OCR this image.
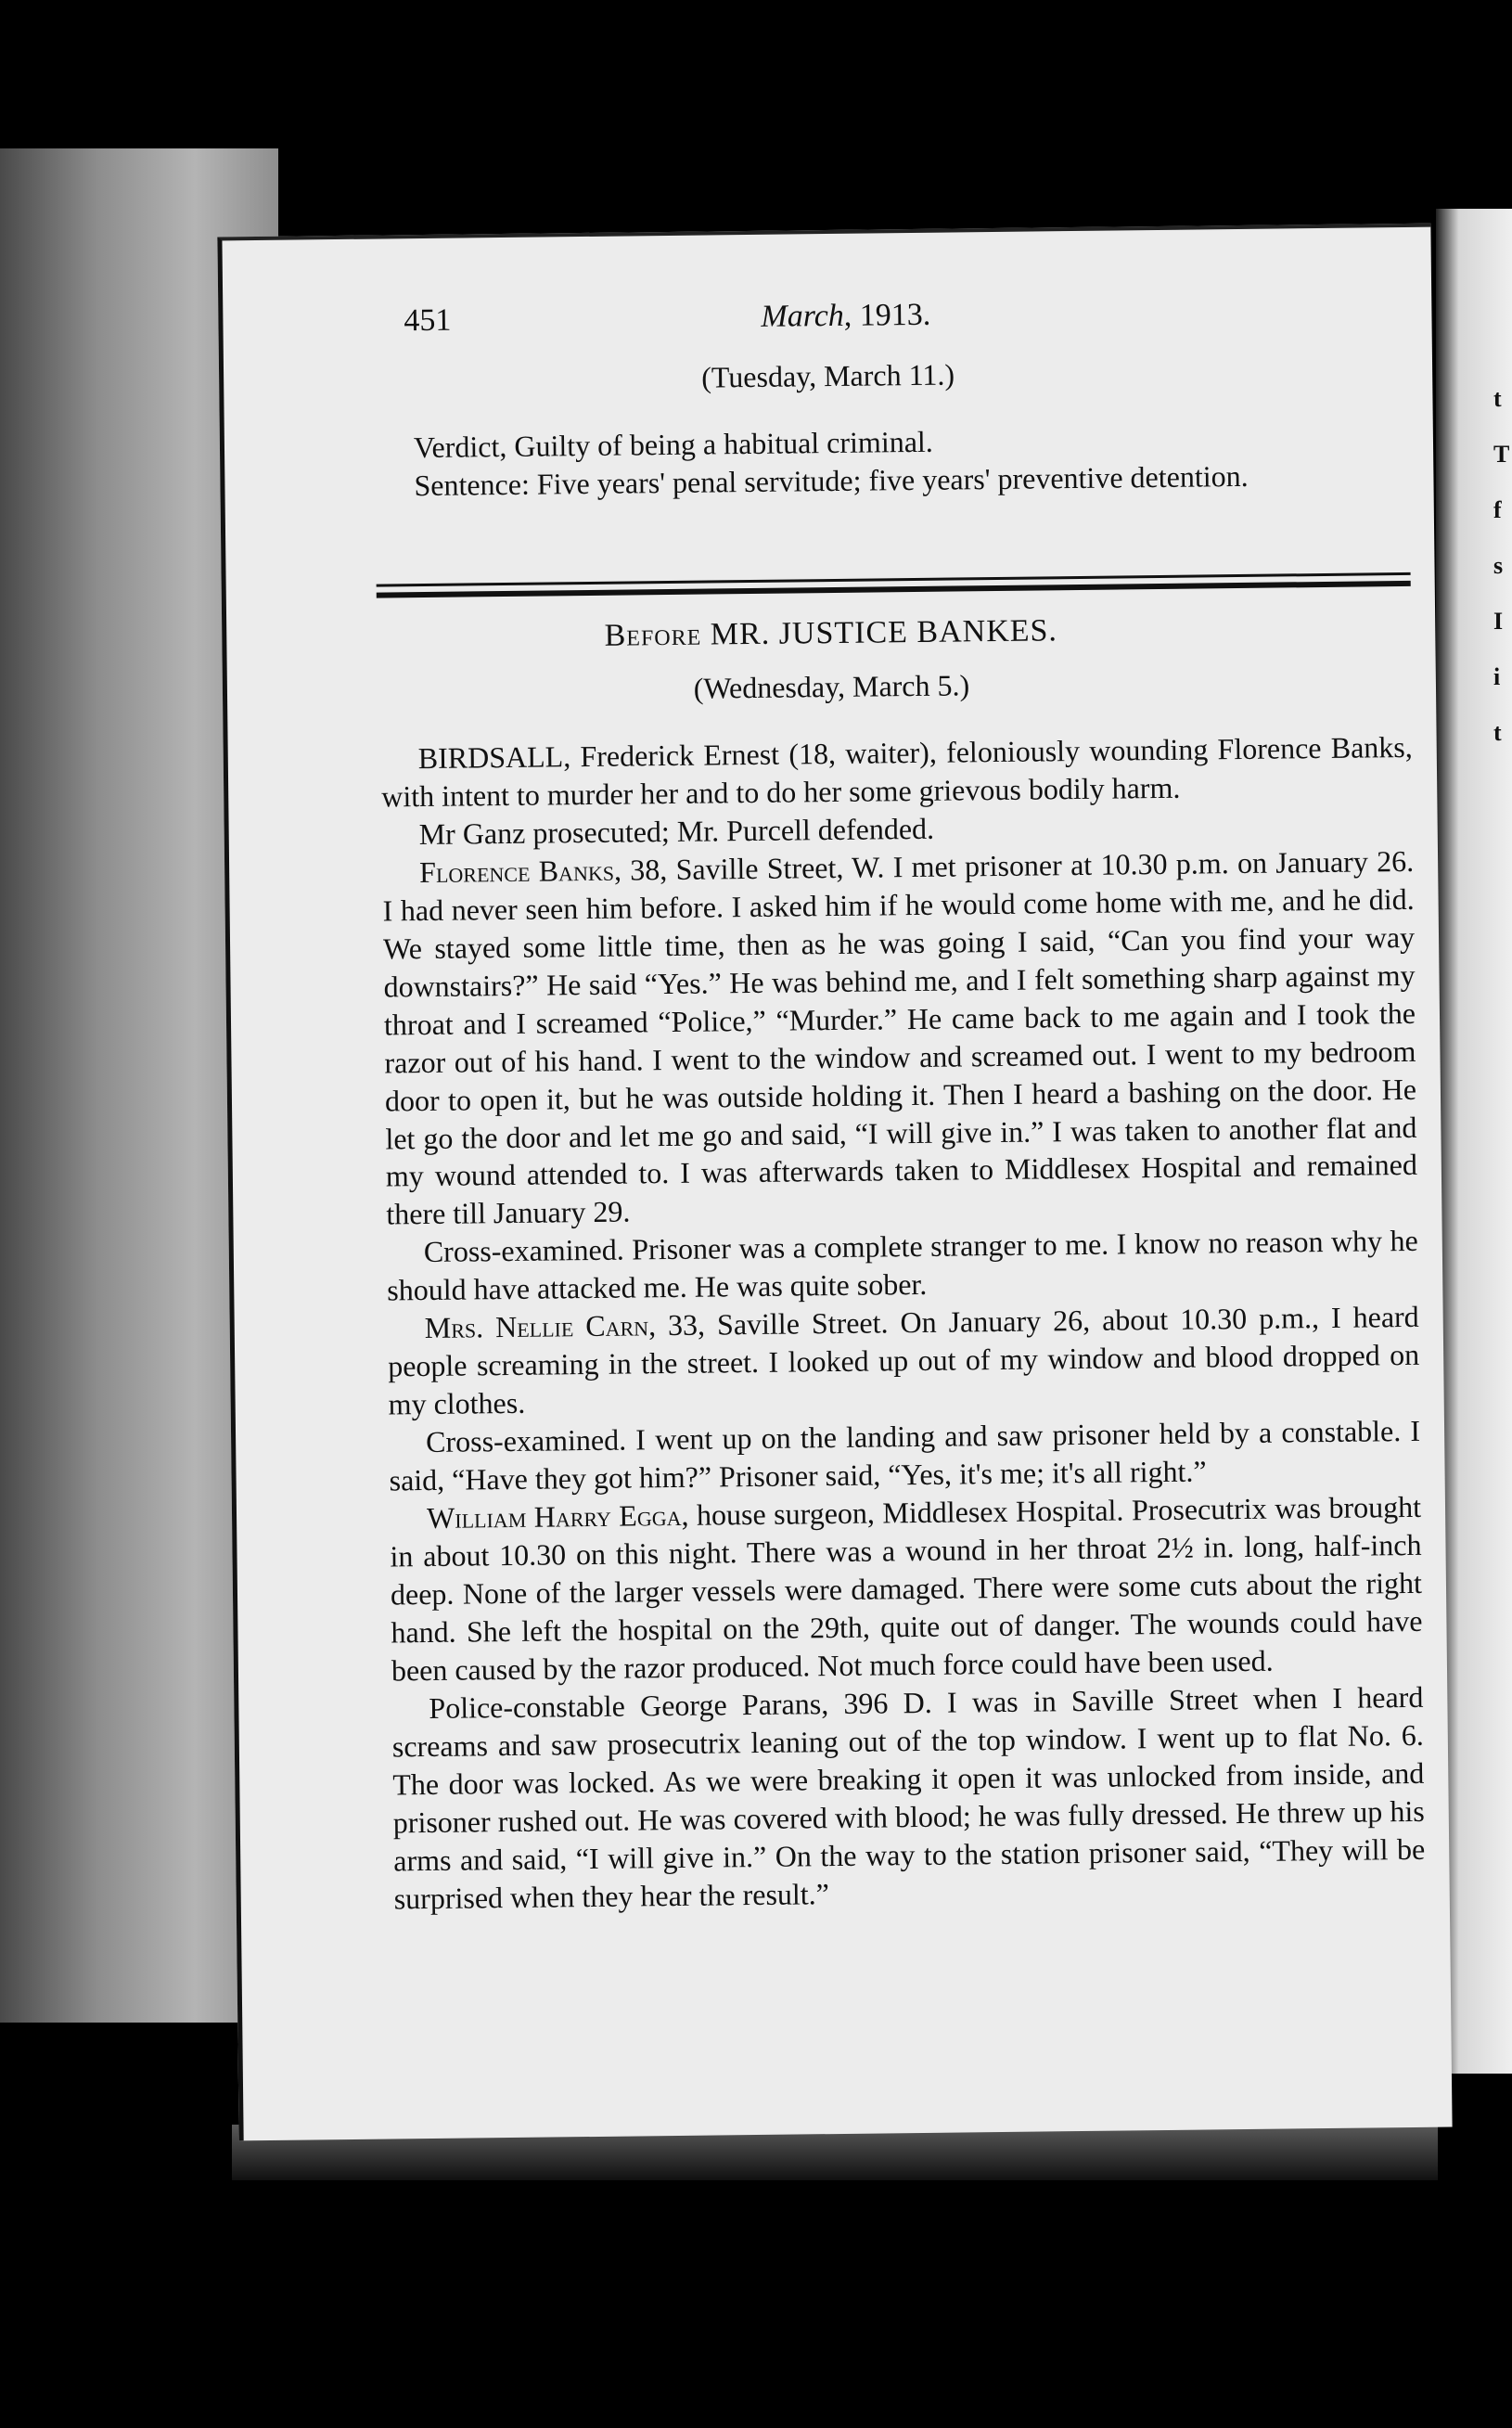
t
T
f
s
I
i
t
451	March, 1913.
(Tuesday, March 11.)

Verdict, Guilty of being a habitual criminal.

Sentence: Five years' penal servitude; five years' preventive detention.

Before MR. JUSTICE BANKES.
(Wednesday, March 5.)

BIRDSALL, Frederick Ernest (18, waiter), feloniously wounding Florence Banks, with intent to murder her and to do her some grievous bodily harm.

Mr Ganz prosecuted; Mr. Purcell defended.

Florence Banks, 38, Saville Street, W. I met prisoner at 10.30 p.m. on January 26. I had never seen him before. I asked him if he would come home with me, and he did. We stayed some little time, then as he was going I said, “Can you find your way downstairs?” He said “Yes.” He was behind me, and I felt something sharp against my throat and I screamed “Police,” “Murder.” He came back to me again and I took the razor out of his hand. I went to the window and screamed out. I went to my bedroom door to open it, but he was outside holding it. Then I heard a bashing on the door. He let go the door and let me go and said, “I will give in.” I was taken to another flat and my wound attended to. I was afterwards taken to Middlesex Hospital and remained there till January 29.

Cross-examined. Prisoner was a complete stranger to me. I know no reason why he should have attacked me. He was quite sober.

Mrs. Nellie Carn, 33, Saville Street. On January 26, about 10.30 p.m., I heard people screaming in the street. I looked up out of my window and blood dropped on my clothes.

Cross-examined. I went up on the landing and saw prisoner held by a constable. I said, “Have they got him?” Prisoner said, “Yes, it's me; it's all right.”

William Harry Egga, house surgeon, Middlesex Hospital. Prosecutrix was brought in about 10.30 on this night. There was a wound in her throat 2½ in. long, half-inch deep. None of the larger vessels were damaged. There were some cuts about the right hand. She left the hospital on the 29th, quite out of danger. The wounds could have been caused by the razor produced. Not much force could have been used.

Police-constable George Parans, 396 D. I was in Saville Street when I heard screams and saw prosecutrix leaning out of the top window. I went up to flat No. 6. The door was locked. As we were breaking it open it was unlocked from inside, and prisoner rushed out. He was covered with blood; he was fully dressed. He threw up his arms and said, “I will give in.” On the way to the station prisoner said, “They will be surprised when they hear the result.”
